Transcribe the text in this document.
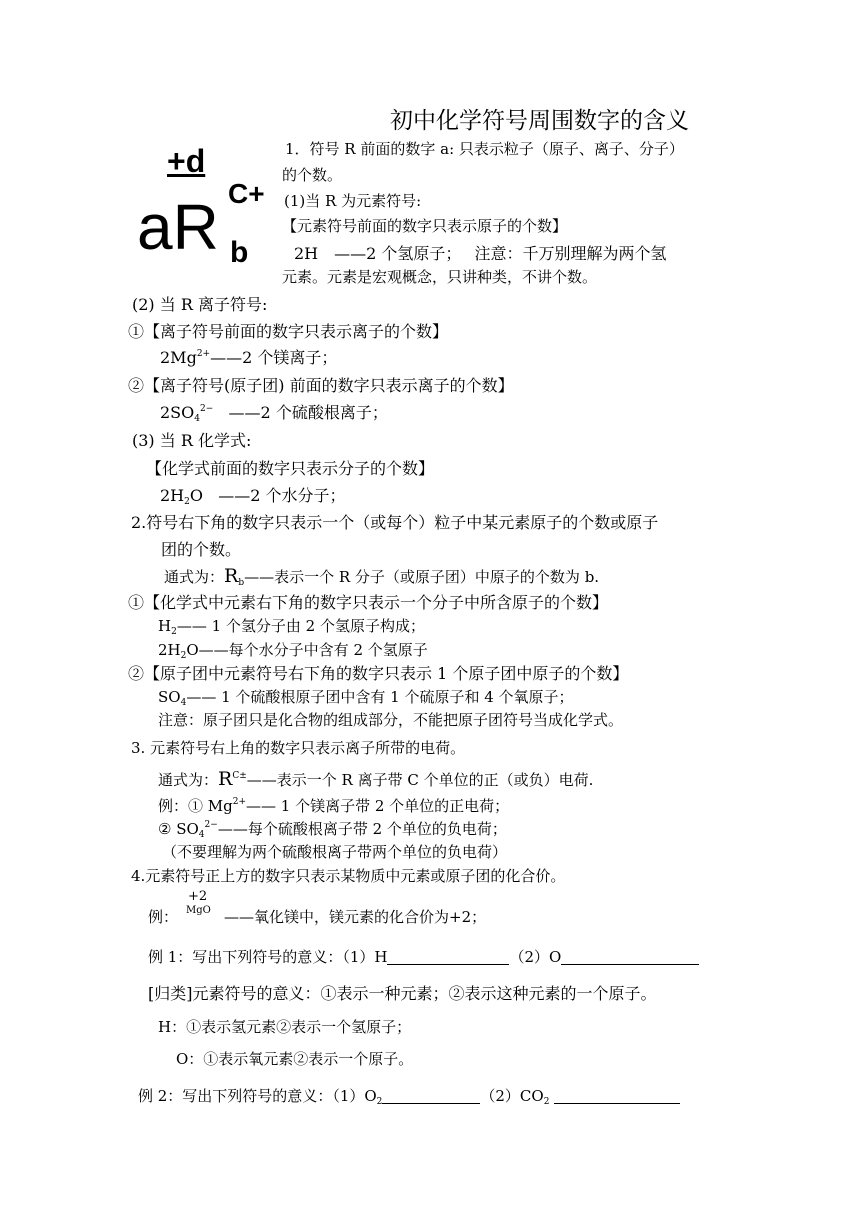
初中化学符号周围数字的含义
+d
C+
aR b
1．符号 R 前面的数字 a: 只表示粒子（原子、离子、分子）
的个数。
(1)当 R 为元素符号:
【元素符号前面的数字只表示原子的个数】
2H　——2 个氢原子；　 注意：千万别理解为两个氢
元素。元素是宏观概念，只讲种类，不讲个数。
(2) 当 R 离子符号:
①【离子符号前面的数字只表示离子的个数】
$2Mg^{2+}——2$ 个镁离子；
②【离子符号(原子团) 前面的数字只表示离子的个数】
$2SO_4^{2-}$ ——2 个硫酸根离子；
(3) 当 R 化学式:
【化学式前面的数字只表示分子的个数】
$2H_2O$ ——2 个水分子；
2.符号右下角的数字只表示一个（或每个）粒子中某元素原子的个数或原子
团的个数。
通式为：$R_b——$表示一个 R 分子（或原子团）中原子的个数为 b.
①【化学式中元素右下角的数字只表示一个分子中所含原子的个数】
$H_2——$ 1 个氢分子由 2 个氢原子构成；
$2H_2O——$每个水分子中含有 2 个氢原子
②【原子团中元素符号右下角的数字只表示 1 个原子团中原子的个数】
$SO_4——$ 1 个硫酸根原子团中含有 1 个硫原子和 4 个氧原子；
注意：原子团只是化合物的组成部分，不能把原子团符号当成化学式。
3. 元素符号右上角的数字只表示离子所带的电荷。
通式为：$R^{C\pm}——$表示一个 R 离子带 C 个单位的正（或负）电荷.
例：① $Mg^{2+}——$ 1 个镁离子带 2 个单位的正电荷；
② $SO_4^{2-}——$每个硫酸根离子带 2 个单位的负电荷；
（不要理解为两个硫酸根离子带两个单位的负电荷）
4.元素符号正上方的数字只表示某物质中元素或原子团的化合价。
例：
+2
MgO ——氧化镁中，镁元素的化合价为+2；
例 1：写出下列符号的意义：（1）H	（2）O
[归类]元素符号的意义：①表示一种元素；②表示这种元素的一个原子。
H：①表示氢元素②表示一个氢原子；
O：①表示氧元素②表示一个原子。
例 2：写出下列符号的意义：$(1)O_2$	$(2)CO_2$
